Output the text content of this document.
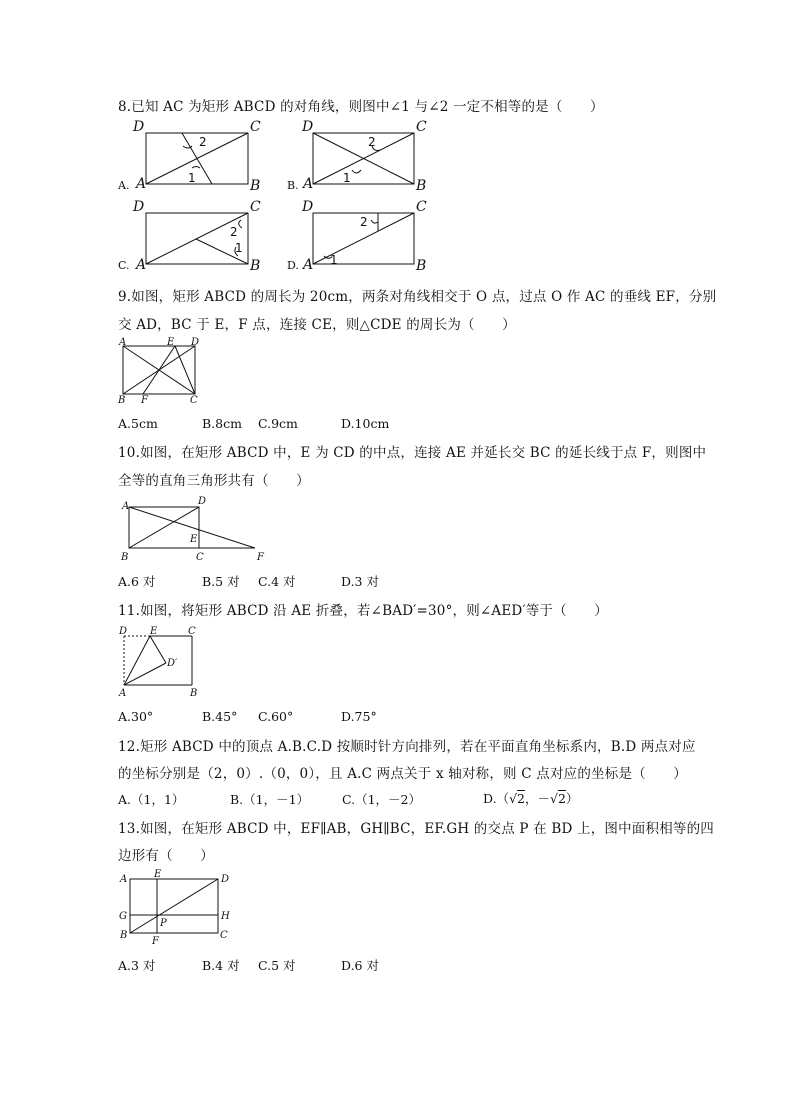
8.已知 AC 为矩形 ABCD 的对角线，则图中∠1 与∠2 一定不相等的是（　　）
D	C
A	B
2
1
A.
D	C
A	B
2
1
B.
D	C
A	B
2
1
C.
D	C
A	B
2
1
D.
9.如图，矩形 ABCD 的周长为 20cm，两条对角线相交于 O 点，过点 O 作 AC 的垂线 EF，分别
交 AD，BC 于 E，F 点，连接 CE，则△CDE 的周长为（　　）
A	E D
B F	C
A.5cm	B.8cm C.9cm	D.10cm
10.如图，在矩形 ABCD 中，E 为 CD 的中点，连接 AE 并延长交 BC 的延长线于点 F，则图中
全等的直角三角形共有（　　）
A	D
E
B	C	F
A.6 对	B.5 对 C.4 对	D.3 对
11.如图，将矩形 ABCD 沿 AE 折叠，若∠BAD′=30°，则∠AED′等于（　　）
D E	C
D′
A	B
A.30°	B.45° C.60°	D.75°
12.矩形 ABCD 中的顶点 A.B.C.D 按顺时针方向排列，若在平面直角坐标系内，B.D 两点对应
的坐标分别是（2，0）.（0，0），且 A.C 两点关于 x 轴对称，则 C 点对应的坐标是（　　）
A.（1，1）	B.（1，－1）	C.（1，－2）	D.（√2，－√2）
13.如图，在矩形 ABCD 中，EF∥AB，GH∥BC，EF.GH 的交点 P 在 BD 上，图中面积相等的四
边形有（　　）
A	E	D
G
P
H
B
F
C
A.3 对	B.4 对 C.5 对	D.6 对
